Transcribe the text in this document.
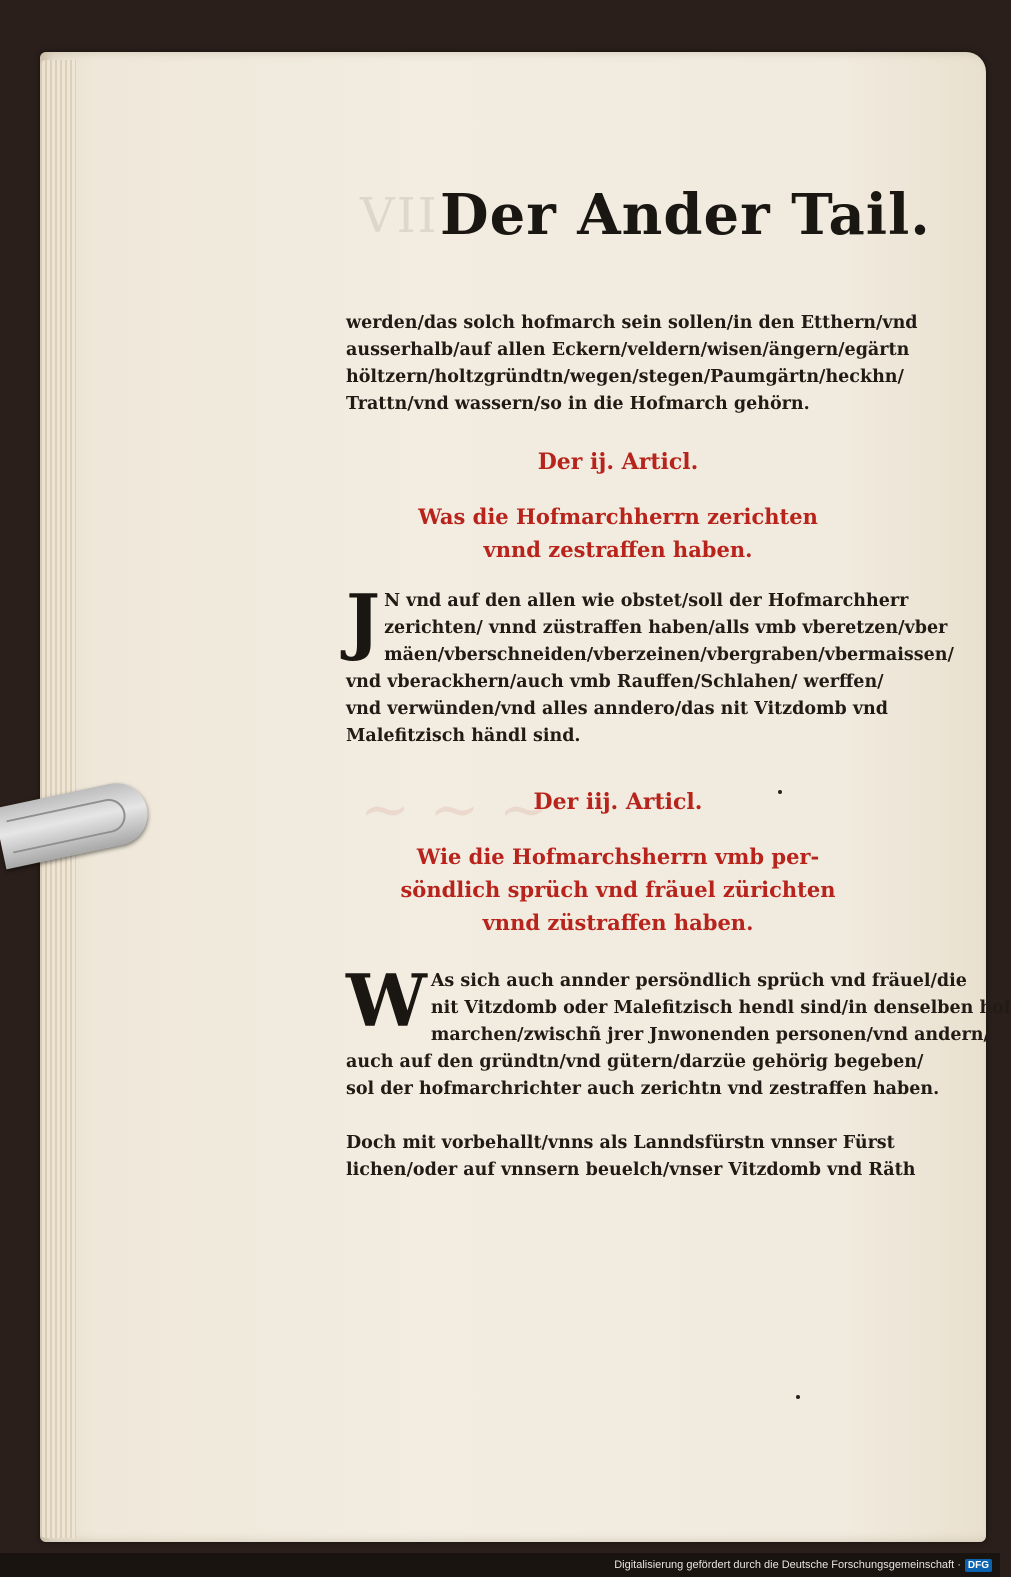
VII Der Ander Tail.
werden/das solch hofmarch sein sollen/in den Etthern/vnd
ausserhalb/auf allen Eckern/veldern/wisen/ängern/egärtn
höltzern/holtzgründtn/wegen/stegen/Paumgärtn/heckhn/
Trattn/vnd wassern/so in die Hofmarch gehörn.
Der ij. Articl.
Was die Hofmarchherrn zerichten
vnnd zestraffen haben.
J N vnd auf den allen wie obstet/soll der Hofmarchherr
zerichten/ vnnd züstraffen haben/alls vmb vberetzen/vber
mäen/vberschneiden/vberzeinen/vbergraben/vbermaissen/
vnd vberackhern/auch vmb Rauffen/Schlahen/ werffen/
vnd verwünden/vnd alles anndero/das nit Vitzdomb vnd
Malefitzisch händl sind.
~ ~ ~
Der iij. Articl.
Wie die Hofmarchsherrn vmb per-
söndlich sprüch vnd fräuel zürichten
vnnd züstraffen haben.
W As sich auch annder persöndlich sprüch vnd fräuel/die
nit Vitzdomb oder Malefitzisch hendl sind/in denselben hof
marchen/zwischñ jrer Jnwonenden personen/vnd andern/
auch auf den gründtn/vnd gütern/darzüe gehörig begeben/
sol der hofmarchrichter auch zerichtn vnd zestraffen haben.
Doch mit vorbehallt/vnns als Lanndsfürstn vnnser Fürst
lichen/oder auf vnnsern beuelch/vnser Vitzdomb vnd Räth
Digitalisierung gefördert durch die Deutsche Forschungsgemeinschaft · DFG
